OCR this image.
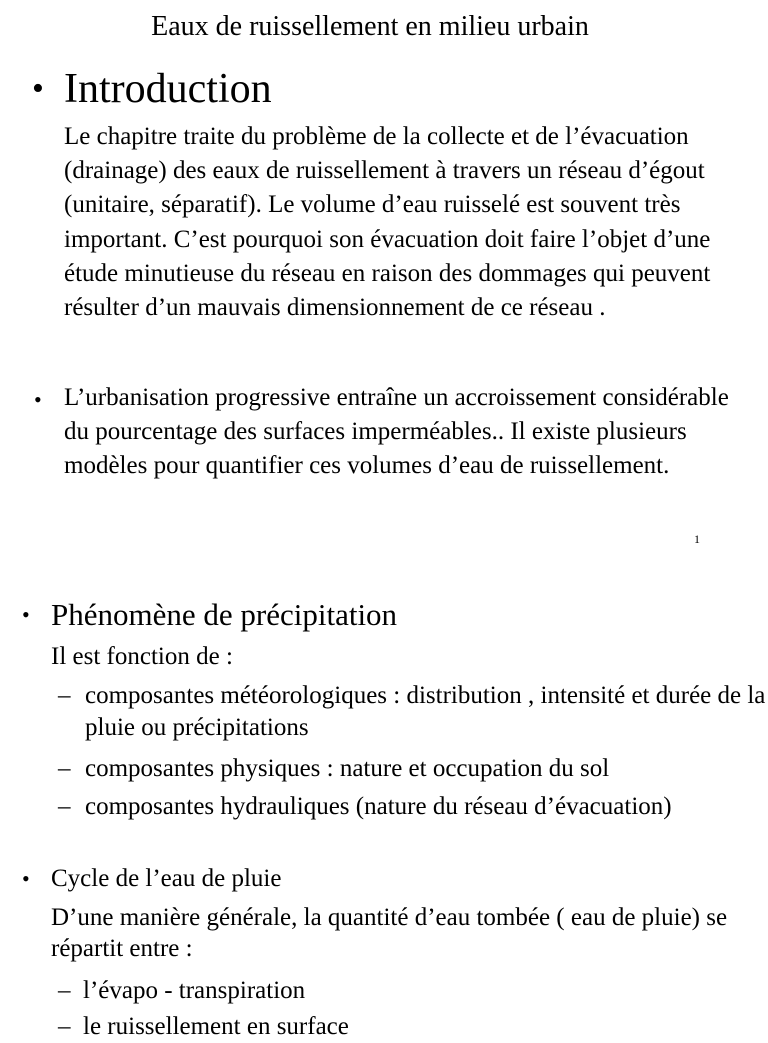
Eaux de ruissellement en milieu urbain
• Introduction
Le chapitre traite du problème de la collecte et de l’évacuation (drainage) des eaux de ruissellement à travers un réseau d’égout (unitaire, séparatif). Le volume d’eau ruisselé est souvent très important. C’est pourquoi son évacuation doit faire l’objet d’une étude minutieuse du réseau en raison des dommages qui peuvent résulter d’un mauvais dimensionnement de ce réseau .
• L’urbanisation progressive entraîne un accroissement considérable du pourcentage des surfaces imperméables.. Il existe plusieurs modèles pour quantifier ces volumes d’eau de ruissellement.
1
• Phénomène de précipitation
Il est fonction de :
– composantes météorologiques : distribution , intensité et durée de la pluie ou précipitations
– composantes physiques : nature et occupation du sol
– composantes hydrauliques (nature du réseau d’évacuation)
• Cycle de l’eau de pluie
D’une manière générale, la quantité d’eau tombée ( eau de pluie) se répartit entre :
– l’évapo - transpiration
– le ruissellement en surface
